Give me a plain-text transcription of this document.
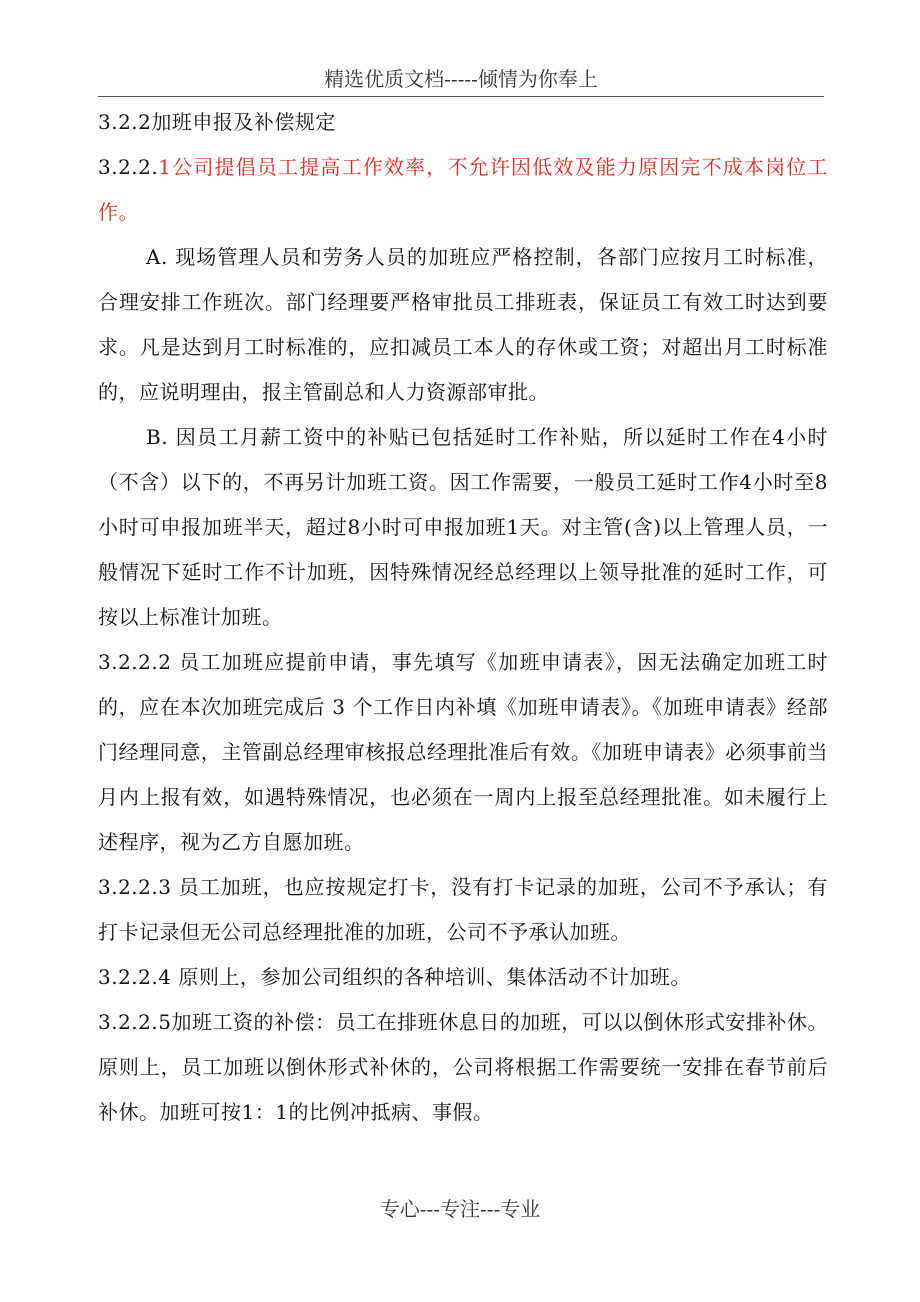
精选优质文档-----倾情为你奉上

3.2.2加班申报及补偿规定

3.2.2.1公司提倡员工提高工作效率，不允许因低效及能力原因完不成本岗位工作。

A. 现场管理人员和劳务人员的加班应严格控制，各部门应按月工时标准，合理安排工作班次。部门经理要严格审批员工排班表，保证员工有效工时达到要求。凡是达到月工时标准的，应扣减员工本人的存休或工资；对超出月工时标准的，应说明理由，报主管副总和人力资源部审批。

B. 因员工月薪工资中的补贴已包括延时工作补贴，所以延时工作在4小时（不含）以下的，不再另计加班工资。因工作需要，一般员工延时工作4小时至8小时可申报加班半天，超过8小时可申报加班1天。对主管(含)以上管理人员，一般情况下延时工作不计加班，因特殊情况经总经理以上领导批准的延时工作，可按以上标准计加班。

3.2.2.2 员工加班应提前申请，事先填写《加班申请表》，因无法确定加班工时的，应在本次加班完成后 3 个工作日内补填《加班申请表》。《加班申请表》经部门经理同意，主管副总经理审核报总经理批准后有效。《加班申请表》必须事前当月内上报有效，如遇特殊情况，也必须在一周内上报至总经理批准。如未履行上述程序，视为乙方自愿加班。

3.2.2.3 员工加班，也应按规定打卡，没有打卡记录的加班，公司不予承认；有打卡记录但无公司总经理批准的加班，公司不予承认加班。

3.2.2.4 原则上，参加公司组织的各种培训、集体活动不计加班。

3.2.2.5加班工资的补偿：员工在排班休息日的加班，可以以倒休形式安排补休。原则上，员工加班以倒休形式补休的，公司将根据工作需要统一安排在春节前后补休。加班可按1：1的比例冲抵病、事假。

专心---专注---专业
